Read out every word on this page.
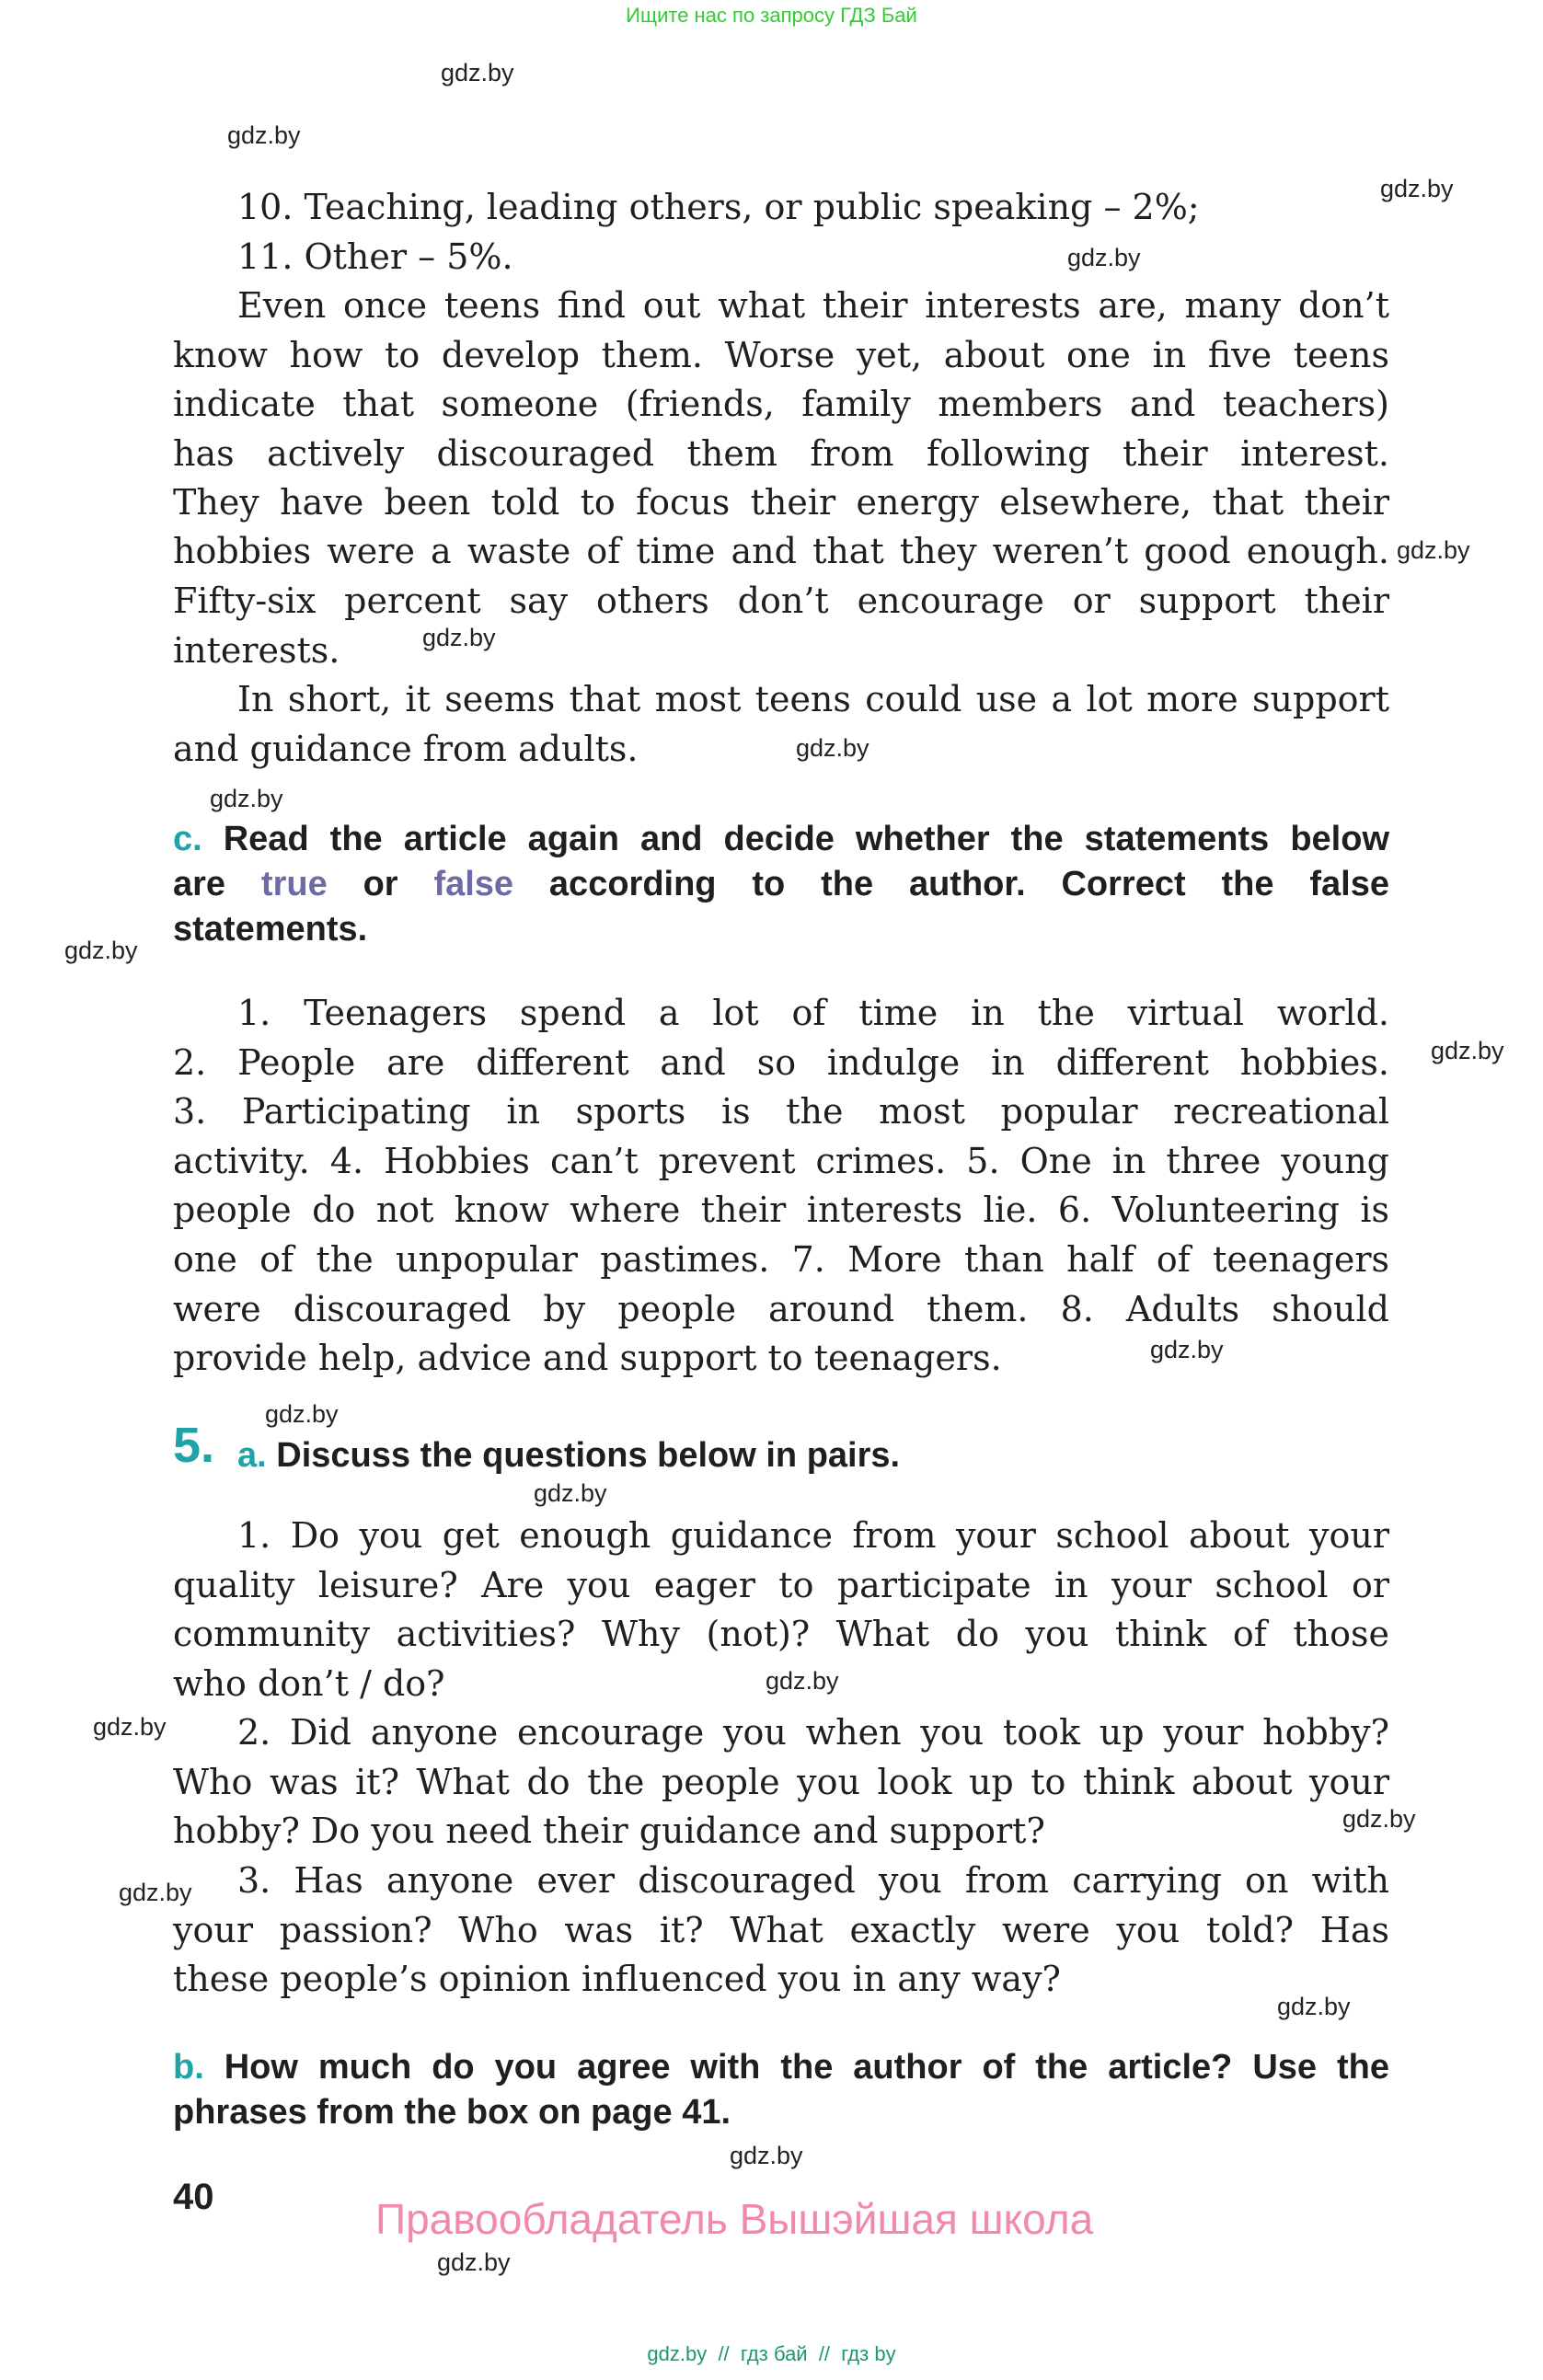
Ищите нас по запросу ГДЗ Бай
gdz.by
gdz.by
gdz.by
gdz.by
gdz.by
gdz.by
gdz.by
gdz.by
gdz.by
gdz.by
gdz.by
gdz.by
gdz.by
gdz.by
gdz.by
gdz.by
gdz.by
gdz.by
gdz.by
gdz.by
10. Teaching, leading others, or public speaking – 2%;
11. Other – 5%.
Even once teens find out what their interests are, many don’t
know how to develop them. Worse yet, about one in five teens
indicate that someone (friends, family members and teachers)
has actively discouraged them from following their interest.
They have been told to focus their energy elsewhere, that their
hobbies were a waste of time and that they weren’t good enough.
Fifty-six percent say others don’t encourage or support their
interests.
In short, it seems that most teens could use a lot more support
and guidance from adults.
c. Read the article again and decide whether the statements below
are true or false according to the author. Correct the false
statements.
1. Teenagers spend a lot of time in the virtual world.
2. People are different and so indulge in different hobbies.
3. Participating in sports is the most popular recreational
activity. 4. Hobbies can’t prevent crimes. 5. One in three young
people do not know where their interests lie. 6. Volunteering is
one of the unpopular pastimes. 7. More than half of teenagers
were discouraged by people around them. 8. Adults should
provide help, advice and support to teenagers.
5. a. Discuss the questions below in pairs.
1. Do you get enough guidance from your school about your
quality leisure? Are you eager to participate in your school or
community activities? Why (not)? What do you think of those
who don’t / do?
2. Did anyone encourage you when you took up your hobby?
Who was it? What do the people you look up to think about your
hobby? Do you need their guidance and support?
3. Has anyone ever discouraged you from carrying on with
your passion? Who was it? What exactly were you told? Has
these people’s opinion influenced you in any way?
b. How much do you agree with the author of the article? Use the
phrases from the box on page 41.
40	Правообладатель Вышэйшая школа
gdz.by  //  гдз бай  //  гдз by
